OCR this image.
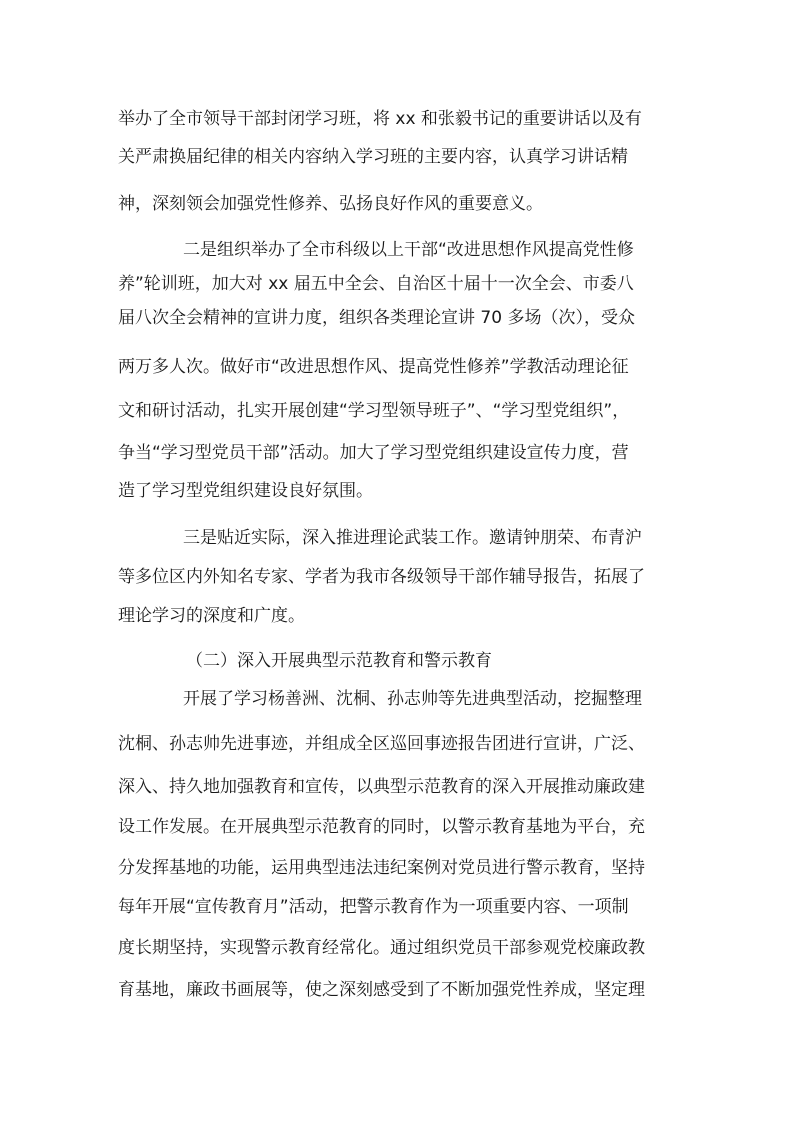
举办了全市领导干部封闭学习班，将 xx 和张毅书记的重要讲话以及有
关严肃换届纪律的相关内容纳入学习班的主要内容，认真学习讲话精
神，深刻领会加强党性修养、弘扬良好作风的重要意义。
二是组织举办了全市科级以上干部“改进思想作风提高党性修
养”轮训班，加大对 xx 届五中全会、自治区十届十一次全会、市委八
届八次全会精神的宣讲力度，组织各类理论宣讲 70 多场（次），受众
两万多人次。做好市“改进思想作风、提高党性修养”学教活动理论征
文和研讨活动，扎实开展创建“学习型领导班子”、“学习型党组织”，
争当“学习型党员干部”活动。加大了学习型党组织建设宣传力度，营
造了学习型党组织建设良好氛围。
三是贴近实际，深入推进理论武装工作。邀请钟朋荣、布青沪
等多位区内外知名专家、学者为我市各级领导干部作辅导报告，拓展了
理论学习的深度和广度。
（二）深入开展典型示范教育和警示教育
开展了学习杨善洲、沈桐、孙志帅等先进典型活动，挖掘整理
沈桐、孙志帅先进事迹，并组成全区巡回事迹报告团进行宣讲，广泛、
深入、持久地加强教育和宣传，以典型示范教育的深入开展推动廉政建
设工作发展。在开展典型示范教育的同时，以警示教育基地为平台，充
分发挥基地的功能，运用典型违法违纪案例对党员进行警示教育，坚持
每年开展“宣传教育月”活动，把警示教育作为一项重要内容、一项制
度长期坚持，实现警示教育经常化。通过组织党员干部参观党校廉政教
育基地，廉政书画展等，使之深刻感受到了不断加强党性养成，坚定理
